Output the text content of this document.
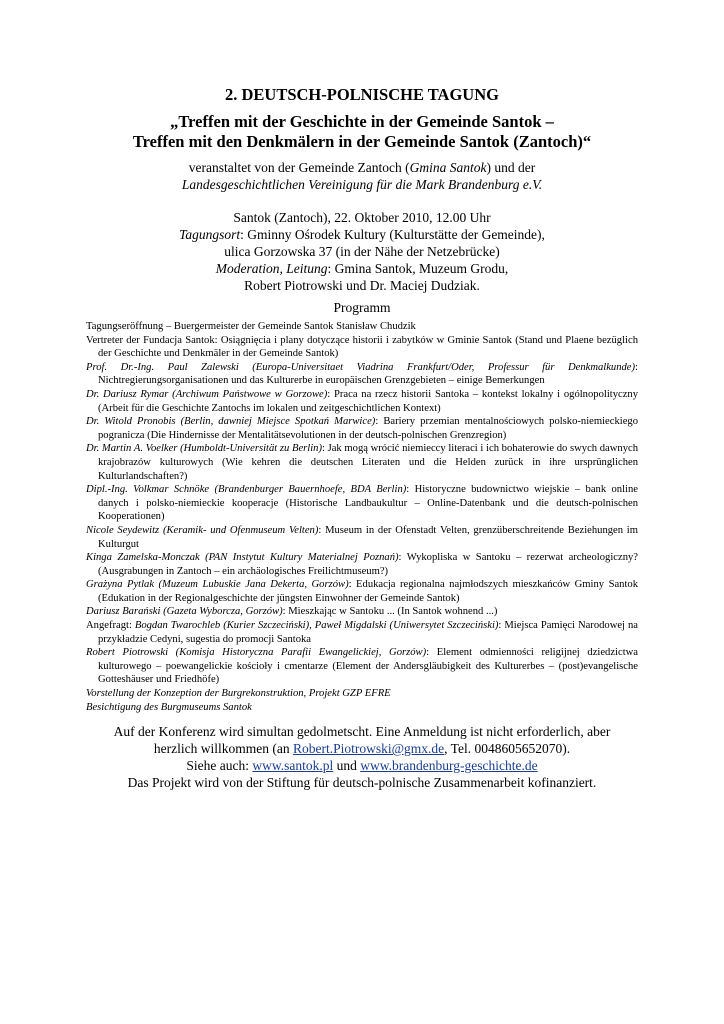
2. DEUTSCH-POLNISCHE TAGUNG
„Treffen mit der Geschichte in der Gemeinde Santok –
Treffen mit den Denkmälern in der Gemeinde Santok (Zantoch)“
veranstaltet von der Gemeinde Zantoch (Gmina Santok) und der
Landesgeschichtlichen Vereinigung für die Mark Brandenburg e.V.
Santok (Zantoch), 22. Oktober 2010, 12.00 Uhr
Tagungsort: Gminny Ośrodek Kultury (Kulturstätte der Gemeinde),
ulica Gorzowska 37 (in der Nähe der Netzebrücke)
Moderation, Leitung: Gmina Santok, Muzeum Grodu,
Robert Piotrowski und Dr. Maciej Dudziak.
Programm
Tagungseröffnung – Buergermeister der Gemeinde Santok Stanisław Chudzik
Vertreter der Fundacja Santok: Osiągnięcia i plany dotyczące historii i zabytków w Gminie Santok (Stand und Plaene bezüglich der Geschichte und Denkmäler in der Gemeinde Santok)
Prof. Dr.-Ing. Paul Zalewski (Europa-Universitaet Viadrina Frankfurt/Oder, Professur für Denkmalkunde): Nichtregierungsorganisationen und das Kulturerbe in europäischen Grenzgebieten – einige Bemerkungen
Dr. Dariusz Rymar (Archiwum Państwowe w Gorzowe): Praca na rzecz historii Santoka – kontekst lokalny i ogólnopolityczny (Arbeit für die Geschichte Zantochs im lokalen und zeitgeschichtlichen Kontext)
Dr. Witold Pronobis (Berlin, dawniej Miejsce Spotkań Marwice): Bariery przemian mentalnościowych polsko-niemieckiego pogranicza (Die Hindernisse der Mentalitätsevolutionen in der deutsch-polnischen Grenzregion)
Dr. Martin A. Voelker (Humboldt-Universität zu Berlin): Jak mogą wrócić niemieccy literaci i ich bohaterowie do swych dawnych krajobrazów kulturowych (Wie kehren die deutschen Literaten und die Helden zurück in ihre ursprünglichen Kulturlandschaften?)
Dipl.-Ing. Volkmar Schnöke (Brandenburger Bauernhoefe, BDA Berlin): Historyczne budownictwo wiejskie – bank online danych i polsko-niemieckie kooperacje (Historische Landbaukultur – Online-Datenbank und die deutsch-polnischen Kooperationen)
Nicole Seydewitz (Keramik- und Ofenmuseum Velten): Museum in der Ofenstadt Velten, grenzüberschreitende Beziehungen im Kulturgut
Kinga Zamelska-Monczak (PAN Instytut Kultury Materialnej Poznań): Wykopliska w Santoku – rezerwat archeologiczny? (Ausgrabungen in Zantoch – ein archäologisches Freilichtmuseum?)
Grażyna Pytlak (Muzeum Lubuskie Jana Dekerta, Gorzów): Edukacja regionalna najmłodszych mieszkańców Gminy Santok (Edukation in der Regionalgeschichte der jüngsten Einwohner der Gemeinde Santok)
Dariusz Barański (Gazeta Wyborcza, Gorzów): Mieszkając w Santoku ... (In Santok wohnend ...)
Angefragt: Bogdan Twarochleb (Kurier Szczeciński), Paweł Migdalski (Uniwersytet Szczeciński): Miejsca Pamięci Narodowej na przykładzie Cedyni, sugestia do promocji Santoka
Robert Piotrowski (Komisja Historyczna Parafii Ewangelickiej, Gorzów): Element odmienności religijnej dziedzictwa kulturowego – poewangelickie kościoły i cmentarze (Element der Andersgläubigkeit des Kulturerbes – (post)evangelische Gotteshäuser und Friedhöfe)
Vorstellung der Konzeption der Burgrekonstruktion, Projekt GZP EFRE
Besichtigung des Burgmuseums Santok
Auf der Konferenz wird simultan gedolmetscht. Eine Anmeldung ist nicht erforderlich, aber
herzlich willkommen (an Robert.Piotrowski@gmx.de, Tel. 0048605652070).
Siehe auch: www.santok.pl und www.brandenburg-geschichte.de
Das Projekt wird von der Stiftung für deutsch-polnische Zusammenarbeit kofinanziert.
